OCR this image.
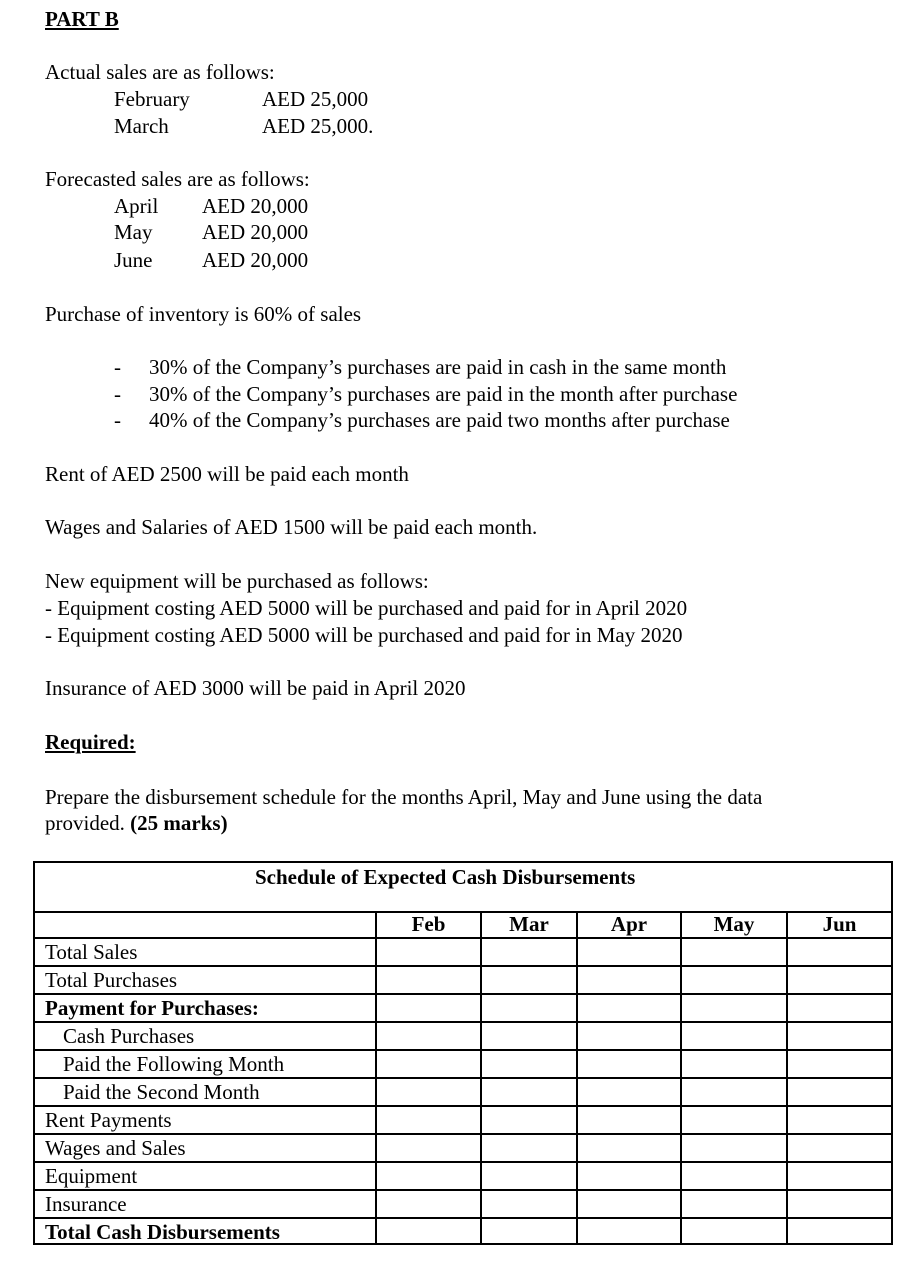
PART B
Actual sales are as follows:
February	AED 25,000
March	AED 25,000.
Forecasted sales are as follows:
April AED 20,000
May AED 20,000
June AED 20,000
Purchase of inventory is 60% of sales
- 30% of the Company’s purchases are paid in cash in the same month
- 30% of the Company’s purchases are paid in the month after purchase
- 40% of the Company’s purchases are paid two months after purchase
Rent of AED 2500 will be paid each month
Wages and Salaries of AED 1500 will be paid each month.
New equipment will be purchased as follows:
- Equipment costing AED 5000 will be purchased and paid for in April 2020
- Equipment costing AED 5000 will be purchased and paid for in May 2020
Insurance of AED 3000 will be paid in April 2020
Required:
Prepare the disbursement schedule for the months April, May and June using the data
provided. (25 marks)
Schedule of Expected Cash Disbursements
	Feb	Mar	Apr	May	Jun
Total Sales					
Total Purchases					
Payment for Purchases:					
Cash Purchases					
Paid the Following Month					
Paid the Second Month					
Rent Payments					
Wages and Sales					
Equipment					
Insurance					
Total Cash Disbursements					
